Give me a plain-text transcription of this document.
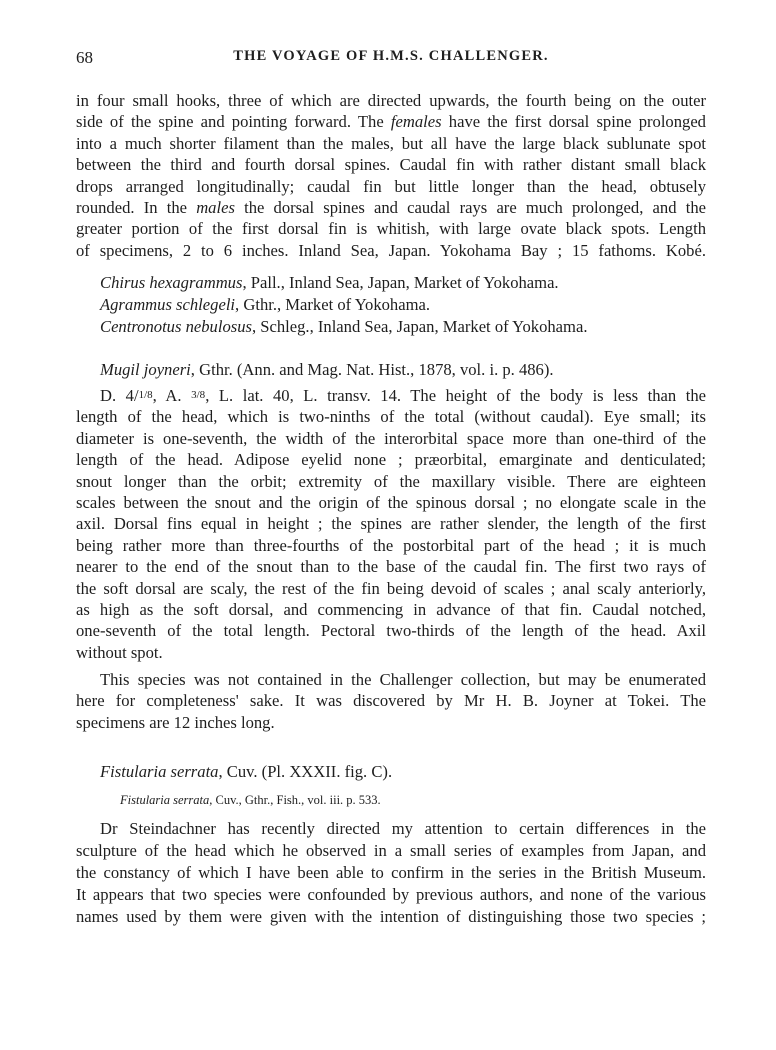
68	THE VOYAGE OF H.M.S. CHALLENGER.
in four small hooks, three of which are directed upwards, the fourth being on the outer
side of the spine and pointing forward. The females have the first dorsal spine prolonged
into a much shorter filament than the males, but all have the large black sublunate spot
between the third and fourth dorsal spines. Caudal fin with rather distant small black
drops arranged longitudinally; caudal fin but little longer than the head, obtusely
rounded. In the males the dorsal spines and caudal rays are much prolonged, and the
greater portion of the first dorsal fin is whitish, with large ovate black spots. Length
of specimens, 2 to 6 inches. Inland Sea, Japan. Yokohama Bay ; 15 fathoms. Kobé.
Chirus hexagrammus, Pall., Inland Sea, Japan, Market of Yokohama.
Agrammus schlegeli, Gthr., Market of Yokohama.
Centronotus nebulosus, Schleg., Inland Sea, Japan, Market of Yokohama.
Mugil joyneri, Gthr. (Ann. and Mag. Nat. Hist., 1878, vol. i. p. 486).
D. 4/1/8, A. 3/8, L. lat. 40, L. transv. 14. The height of the body is less than the
length of the head, which is two-ninths of the total (without caudal). Eye small; its
diameter is one-seventh, the width of the interorbital space more than one-third of the
length of the head. Adipose eyelid none ; præorbital, emarginate and denticulated;
snout longer than the orbit; extremity of the maxillary visible. There are eighteen
scales between the snout and the origin of the spinous dorsal ; no elongate scale in the
axil. Dorsal fins equal in height ; the spines are rather slender, the length of the first
being rather more than three-fourths of the postorbital part of the head ; it is much
nearer to the end of the snout than to the base of the caudal fin. The first two rays of
the soft dorsal are scaly, the rest of the fin being devoid of scales ; anal scaly anteriorly,
as high as the soft dorsal, and commencing in advance of that fin. Caudal notched,
one-seventh of the total length. Pectoral two-thirds of the length of the head. Axil
without spot.
This species was not contained in the Challenger collection, but may be enumerated
here for completeness' sake. It was discovered by Mr H. B. Joyner at Tokei. The
specimens are 12 inches long.
Fistularia serrata, Cuv. (Pl. XXXII. fig. C).
Fistularia serrata, Cuv., Gthr., Fish., vol. iii. p. 533.
Dr Steindachner has recently directed my attention to certain differences in the
sculpture of the head which he observed in a small series of examples from Japan, and
the constancy of which I have been able to confirm in the series in the British Museum.
It appears that two species were confounded by previous authors, and none of the various
names used by them were given with the intention of distinguishing those two species ;
